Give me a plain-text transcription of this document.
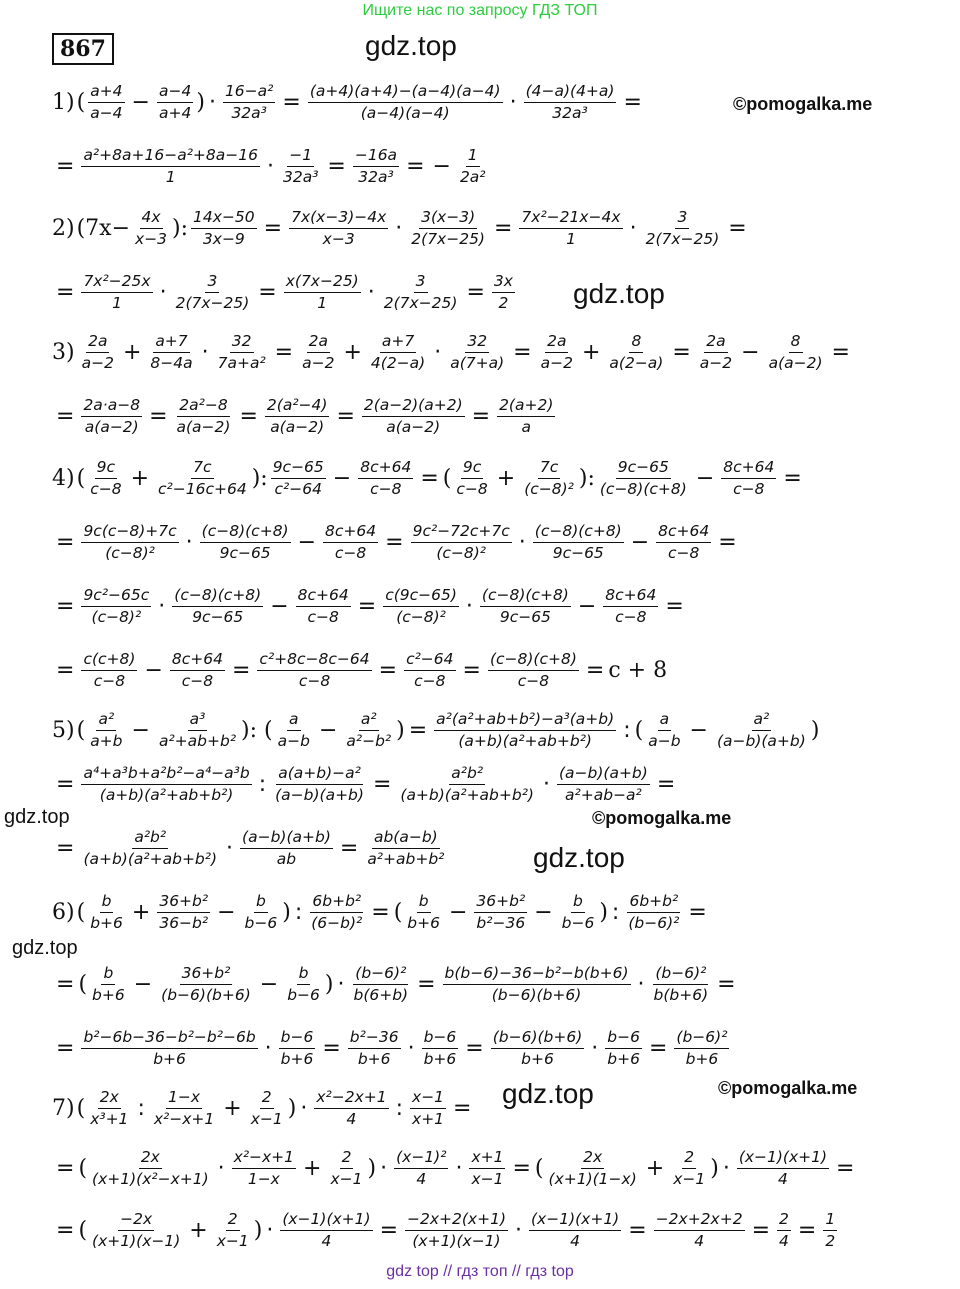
Ищите нас по запросу ГДЗ ТОП
867	gdz.top
©pomogalka.me
gdz.top
gdz.top	©pomogalka.me
gdz.top
gdz.top
gdz.top	©pomogalka.me
1) ( $\frac{a+4}{a-4} - \frac{a-4}{a+4}$ ) · $\frac{\text{16−a²}}{\text{32a³}} = \frac{(a+4)(a+4)-(a-4)(a-4)}{(a-4)(a-4)} \cdot \frac{(4-a)(4+a)}{\text{32a³}}$ =
= $\frac{\text{a²+8a+16−a²+8a−16}}{1} \cdot \frac{-1}{\text{32a³}} = \frac{-16a}{\text{32a³}}$ = − $\frac{1}{\text{2a²}}$
2) ($7x- \frac{4x}{x-3}$ ): $\frac{14x-50}{3x-9} = \frac{7x(x-3)-4x}{x-3} \cdot \frac{3(x-3)}{2(7x-25)} = \frac{\text{7x²−21x−4x}}{1} \cdot \frac{3}{2(7x-25)}$ =
= $\frac{\text{7x²−25x}}{1} \cdot \frac{3}{2(7x-25)} = \frac{x(7x-25)}{1} \cdot \frac{3}{2(7x-25)} = \frac{3x}{2}$
$3) \frac{2a}{a-2} + \frac{a+7}{8-4a} \cdot \frac{32}{\text{7a+a²}} = \frac{2a}{a-2} + \frac{a+7}{4(2-a)} \cdot \frac{32}{a(7+a)} = \frac{2a}{a-2} + \frac{8}{a(2-a)} = \frac{2a}{a-2} - \frac{8}{a(a-2)}$ =
= $\frac{2a\cdot a-8}{a(a-2)} = \frac{\text{2a²−8}}{a(a-2)} = \frac{\text{2(a²−4)}}{a(a-2)} = \frac{2(a-2)(a+2)}{a(a-2)} = \frac{2(a+2)}{a}$
4) ( $\frac{9c}{c-8} + \frac{7c}{\text{c²−16c+64}}$ ): $\frac{9c-65}{\text{c²−64}} - \frac{8c+64}{c-8}$ = ( $\frac{9c}{c-8} + \frac{7c}{\text{(c−8)²}}$ ): $\frac{9c-65}{(c-8)(c+8)} - \frac{8c+64}{c-8}$ =
= $\frac{9c(c-8)+7c}{\text{(c−8)²}} \cdot \frac{(c-8)(c+8)}{9c-65} - \frac{8c+64}{c-8} = \frac{\text{9c²−72c+7c}}{\text{(c−8)²}} \cdot \frac{(c-8)(c+8)}{9c-65} - \frac{8c+64}{c-8}$ =
= $\frac{\text{9c²−65c}}{\text{(c−8)²}} \cdot \frac{(c-8)(c+8)}{9c-65} - \frac{8c+64}{c-8} = \frac{c(9c-65)}{\text{(c−8)²}} \cdot \frac{(c-8)(c+8)}{9c-65} - \frac{8c+64}{c-8}$ =
= $\frac{c(c+8)}{c-8} - \frac{8c+64}{c-8} = \frac{\text{c²+8c−8c−64}}{c-8} = \frac{\text{c²−64}}{c-8} = \frac{(c-8)(c+8)}{c-8} = c + 8$
5) ( $\frac{\text{a²}}{a+b} - \frac{\text{a³}}{\text{a²+ab+b²}}$ ): ( $\frac{a}{a-b} - \frac{\text{a²}}{\text{a²−b²}}$ ) = $\frac{\text{a²(a²+ab+b²)−a³(a+b)}}{\text{(a+b)(a²+ab+b²)}}$ : ( $\frac{a}{a-b} - \frac{\text{a²}}{(a-b)(a+b)}$ )
= $\frac{\text{a⁴+a³b+a²b²−a⁴−a³b}}{\text{(a+b)(a²+ab+b²)}}$ : $\frac{\text{a(a+b)−a²}}{(a-b)(a+b)} = \frac{\text{a²b²}}{\text{(a+b)(a²+ab+b²)}} \cdot \frac{(a-b)(a+b)}{\text{a²+ab−a²}}$ =
= $\frac{\text{a²b²}}{\text{(a+b)(a²+ab+b²)}} \cdot \frac{(a-b)(a+b)}{ab} = \frac{ab(a-b)}{\text{a²+ab+b²}}$
6) ( $\frac{b}{b+6} + \frac{\text{36+b²}}{\text{36−b²}} - \frac{b}{b-6}$ ) : $\frac{\text{6b+b²}}{\text{(6−b)²}}$ = ( $\frac{b}{b+6} - \frac{\text{36+b²}}{\text{b²−36}} - \frac{b}{b-6}$ ) : $\frac{\text{6b+b²}}{\text{(b−6)²}}$ =
= ( $\frac{b}{b+6} - \frac{\text{36+b²}}{(b-6)(b+6)} - \frac{b}{b-6}$ ) · $\frac{\text{(b−6)²}}{b(6+b)} = \frac{\text{b(b−6)−36−b²−b(b+6)}}{(b-6)(b+6)} \cdot \frac{\text{(b−6)²}}{b(b+6)}$ =
= $\frac{\text{b²−6b−36−b²−b²−6b}}{b+6} \cdot \frac{b-6}{b+6} = \frac{\text{b²−36}}{b+6} \cdot \frac{b-6}{b+6} = \frac{(b-6)(b+6)}{b+6} \cdot \frac{b-6}{b+6} = \frac{\text{(b−6)²}}{b+6}$
7) ( $\frac{2x}{\text{x³+1}}$ : $\frac{1-x}{\text{x²−x+1}} + \frac{2}{x-1}$ ) · $\frac{\text{x²−2x+1}}{4}$ : $\frac{x-1}{x+1}$ =
= ( $\frac{2x}{\text{(x+1)(x²−x+1)}} \cdot \frac{\text{x²−x+1}}{1-x} + \frac{2}{x-1}$ ) · $\frac{\text{(x−1)²}}{4} \cdot \frac{x+1}{x-1}$ = ( $\frac{2x}{(x+1)(1-x)} + \frac{2}{x-1}$ ) · $\frac{(x-1)(x+1)}{4}$ =
= ( $\frac{-2x}{(x+1)(x-1)} + \frac{2}{x-1}$ ) · $\frac{(x-1)(x+1)}{4} = \frac{-2x+2(x+1)}{(x+1)(x-1)} \cdot \frac{(x-1)(x+1)}{4} = \frac{-2x+2x+2}{4} = \frac{2}{4} = \frac{1}{2}$
gdz top // гдз топ // гдз top
